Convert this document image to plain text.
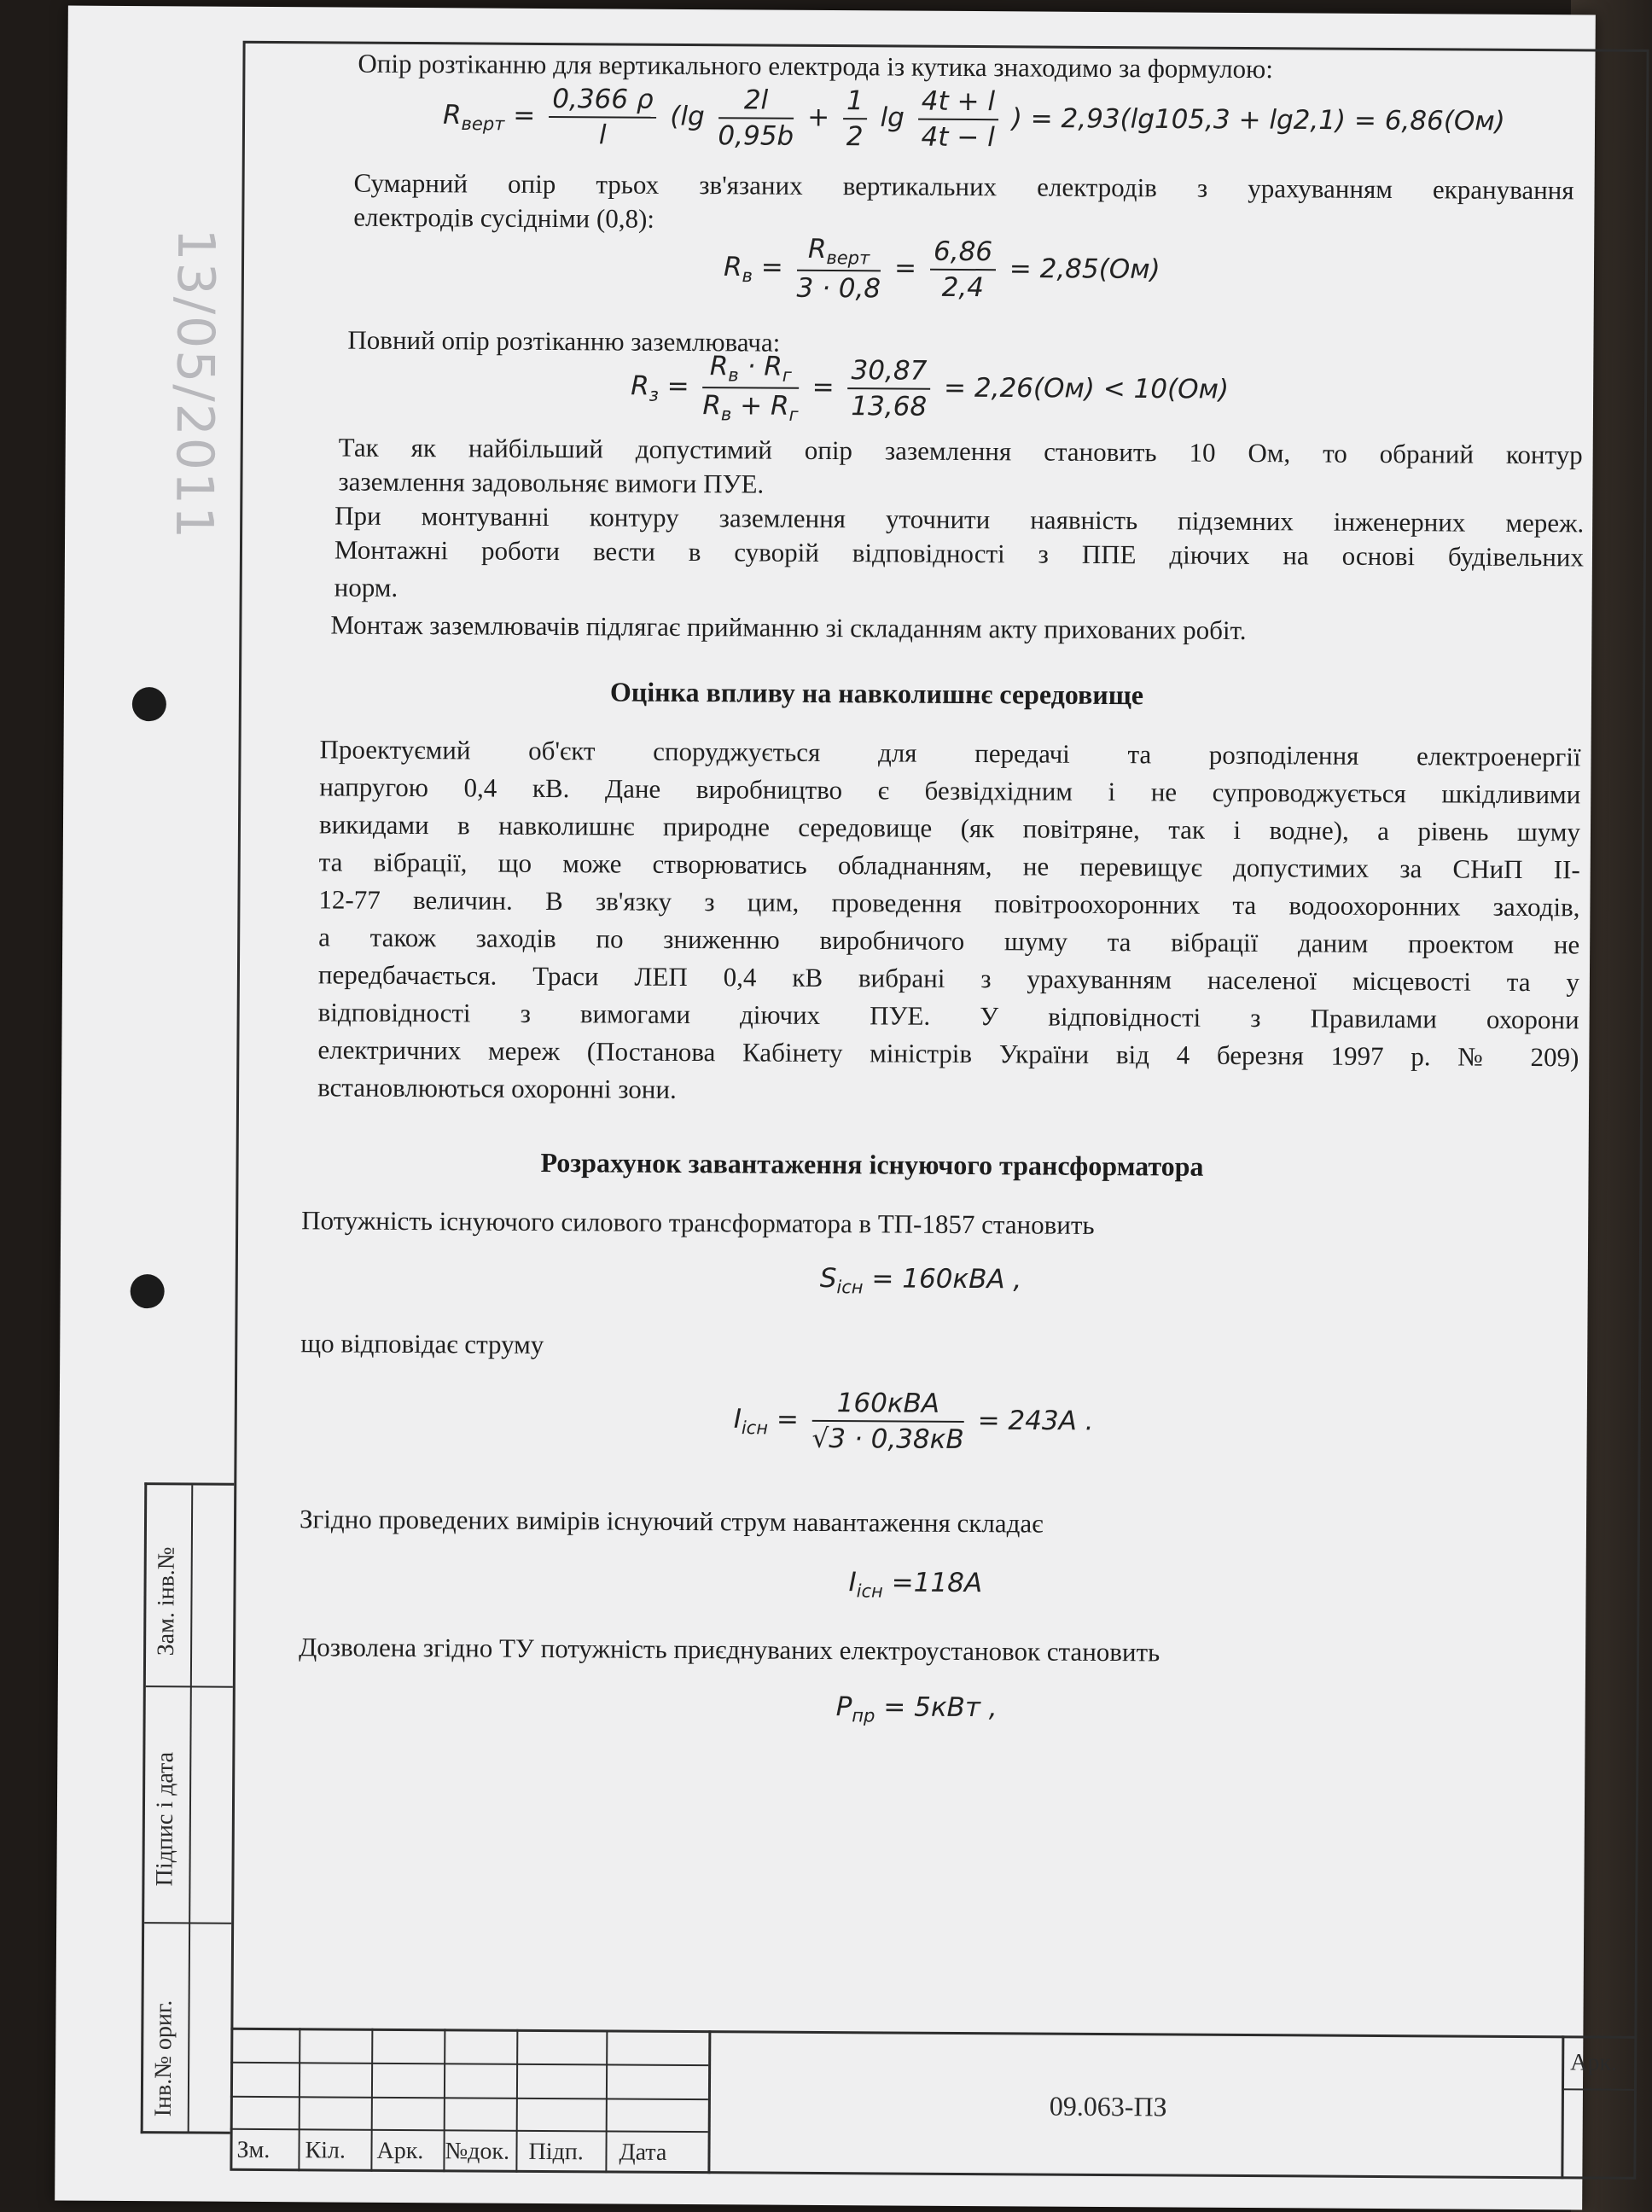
13/05/2011
Опір розтіканню для вертикального електрода із кутика знаходимо за формулою:
$R_{верт} = \frac{0,366 \rho}{l} (\lg \frac{2l}{0,95b} + \frac{1}{2}$ $\lg \frac{4t + l}{4t - l}$ ) = 2,93(lg105,3 + lg2,1) = 6,86(Ом)
Сумарний опір трьох зв'язаних вертикальних електродів з урахуванням екранування
електродів сусідніми (0,8):
$R_в = \frac{R_{верт}}{3 \cdot 0,8} = \frac{6,86}{2,4} = 2,85(Ом)$
Повний опір розтіканню заземлювача:
$R_з = \frac{R_в \cdot R_г}{R_в + R_г} = \frac{30,87}{13,68} = 2,26(Ом) < 10(Ом)$
Так як найбільший допустимий опір заземлення становить 10 Ом, то обраний контур
заземлення задовольняє вимоги ПУЕ.
При монтуванні контуру заземлення уточнити наявність підземних інженерних мереж.
Монтажні роботи вести в суворій відповідності з ППЕ діючих на основі будівельних
норм.
Монтаж заземлювачів підлягає прийманню зі складанням акту прихованих робіт.
Оцінка впливу на навколишнє середовище
Проектуємий об'єкт споруджується для передачі та розподілення електроенергії
напругою 0,4 кВ. Дане виробництво є безвідхідним і не супроводжується шкідливими
викидами в навколишнє природне середовище (як повітряне, так і водне), а рівень шуму
та вібрації, що може створюватись обладнанням, не перевищує допустимих за СНиП ІІ-
12-77 величин. В зв'язку з цим, проведення повітроохоронних та водоохоронних заходів,
а також заходів по зниженню виробничого шуму та вібрації даним проектом не
передбачається. Траси ЛЕП 0,4 кВ вибрані з урахуванням населеної місцевості та у
відповідності з вимогами діючих ПУЕ. У відповідності з Правилами охорони
електричних мереж (Постанова Кабінету міністрів України від 4 березня 1997 р. № 209)
встановлюються охоронні зони.
Розрахунок завантаження існуючого трансформатора
Потужність існуючого силового трансформатора в ТП-1857 становить
$S_{існ} = 160кВА$ ,
що відповідає струму
$I_{існ} = \frac{\text{160кВА}}{√3 \cdot 0,38кВ} = 243А$ .
Згідно проведених вимірів існуючий струм навантаження складає
$I_{існ} =118А$
Дозволена згідно ТУ потужність приєднуваних електроустановок становить
$P_{пр} = 5кВт$ ,
Зам. інв.№
Підпис і дата
Інв.№ ориг.
Зм. Кіл. Арк. №док. Підп. Дата
09.063-ПЗ
Арк.
